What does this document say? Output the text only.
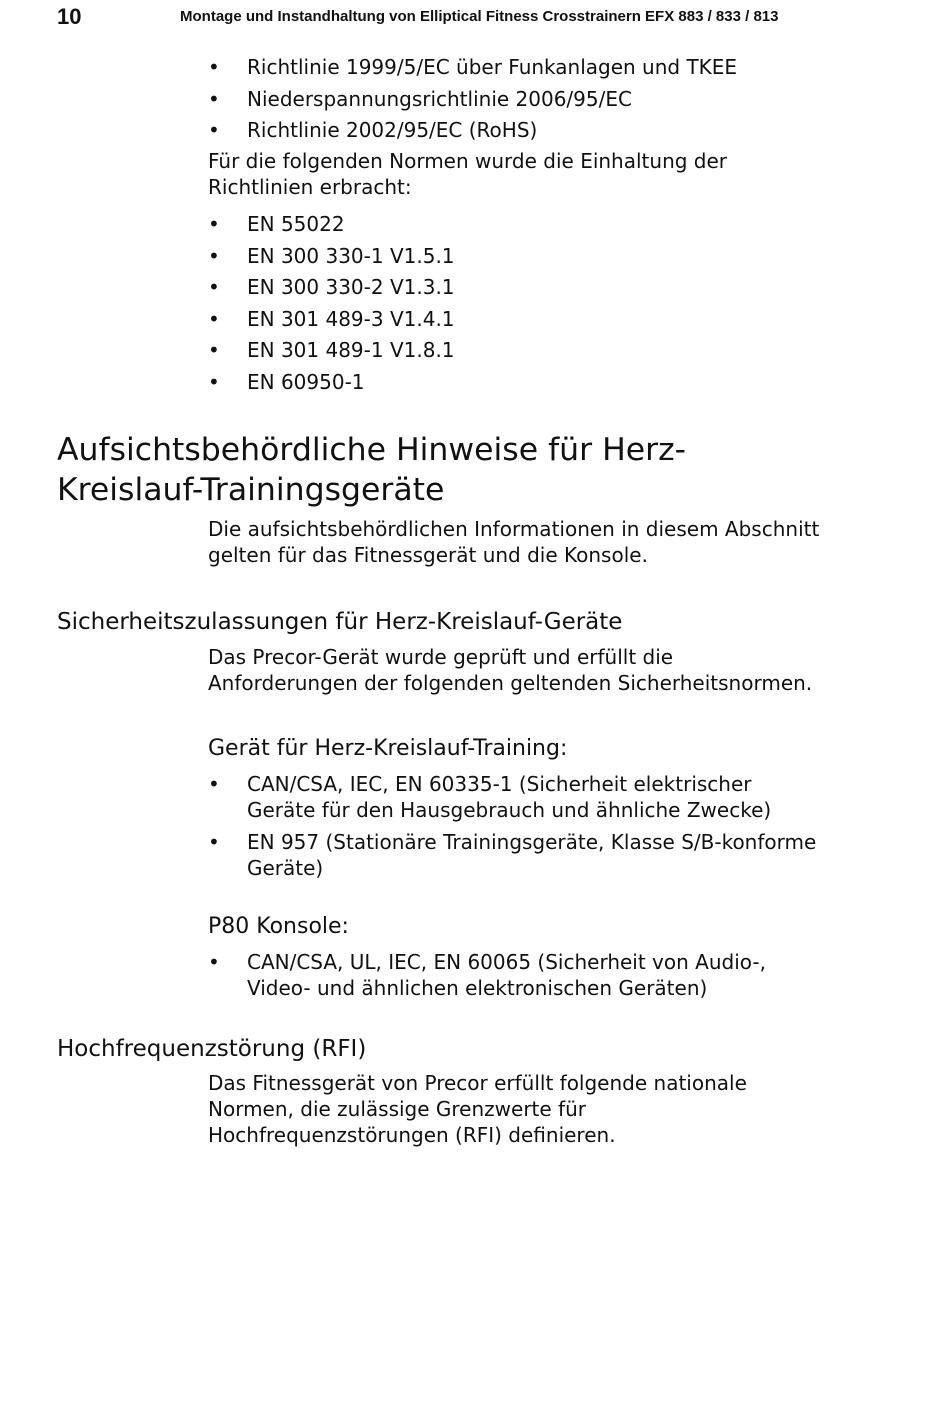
10	Montage und Instandhaltung von Elliptical Fitness Crosstrainern EFX 883 / 833 / 813
• Richtlinie 1999/5/EC über Funkanlagen und TKEE
• Niederspannungsrichtlinie 2006/95/EC
• Richtlinie 2002/95/EC (RoHS)

Für die folgenden Normen wurde die Einhaltung der
Richtlinien erbracht:

• EN 55022
• EN 300 330-1 V1.5.1
• EN 300 330-2 V1.3.1
• EN 301 489-3 V1.4.1
• EN 301 489-1 V1.8.1
• EN 60950-1
Aufsichtsbehördliche Hinweise für Herz-
Kreislauf-Trainingsgeräte

Die aufsichtsbehördlichen Informationen in diesem Abschnitt
gelten für das Fitnessgerät und die Konsole.

Sicherheitszulassungen für Herz-Kreislauf-Geräte

Das Precor-Gerät wurde geprüft und erfüllt die
Anforderungen der folgenden geltenden Sicherheitsnormen.

Gerät für Herz-Kreislauf-Training:
• CAN/CSA, IEC, EN 60335-1 (Sicherheit elektrischer
Geräte für den Hausgebrauch und ähnliche Zwecke)
• EN 957 (Stationäre Trainingsgeräte, Klasse S/B-konforme
Geräte)
P80 Konsole:
• CAN/CSA, UL, IEC, EN 60065 (Sicherheit von Audio-,
Video- und ähnlichen elektronischen Geräten)
Hochfrequenzstörung (RFI)

Das Fitnessgerät von Precor erfüllt folgende nationale
Normen, die zulässige Grenzwerte für
Hochfrequenzstörungen (RFI) definieren.
